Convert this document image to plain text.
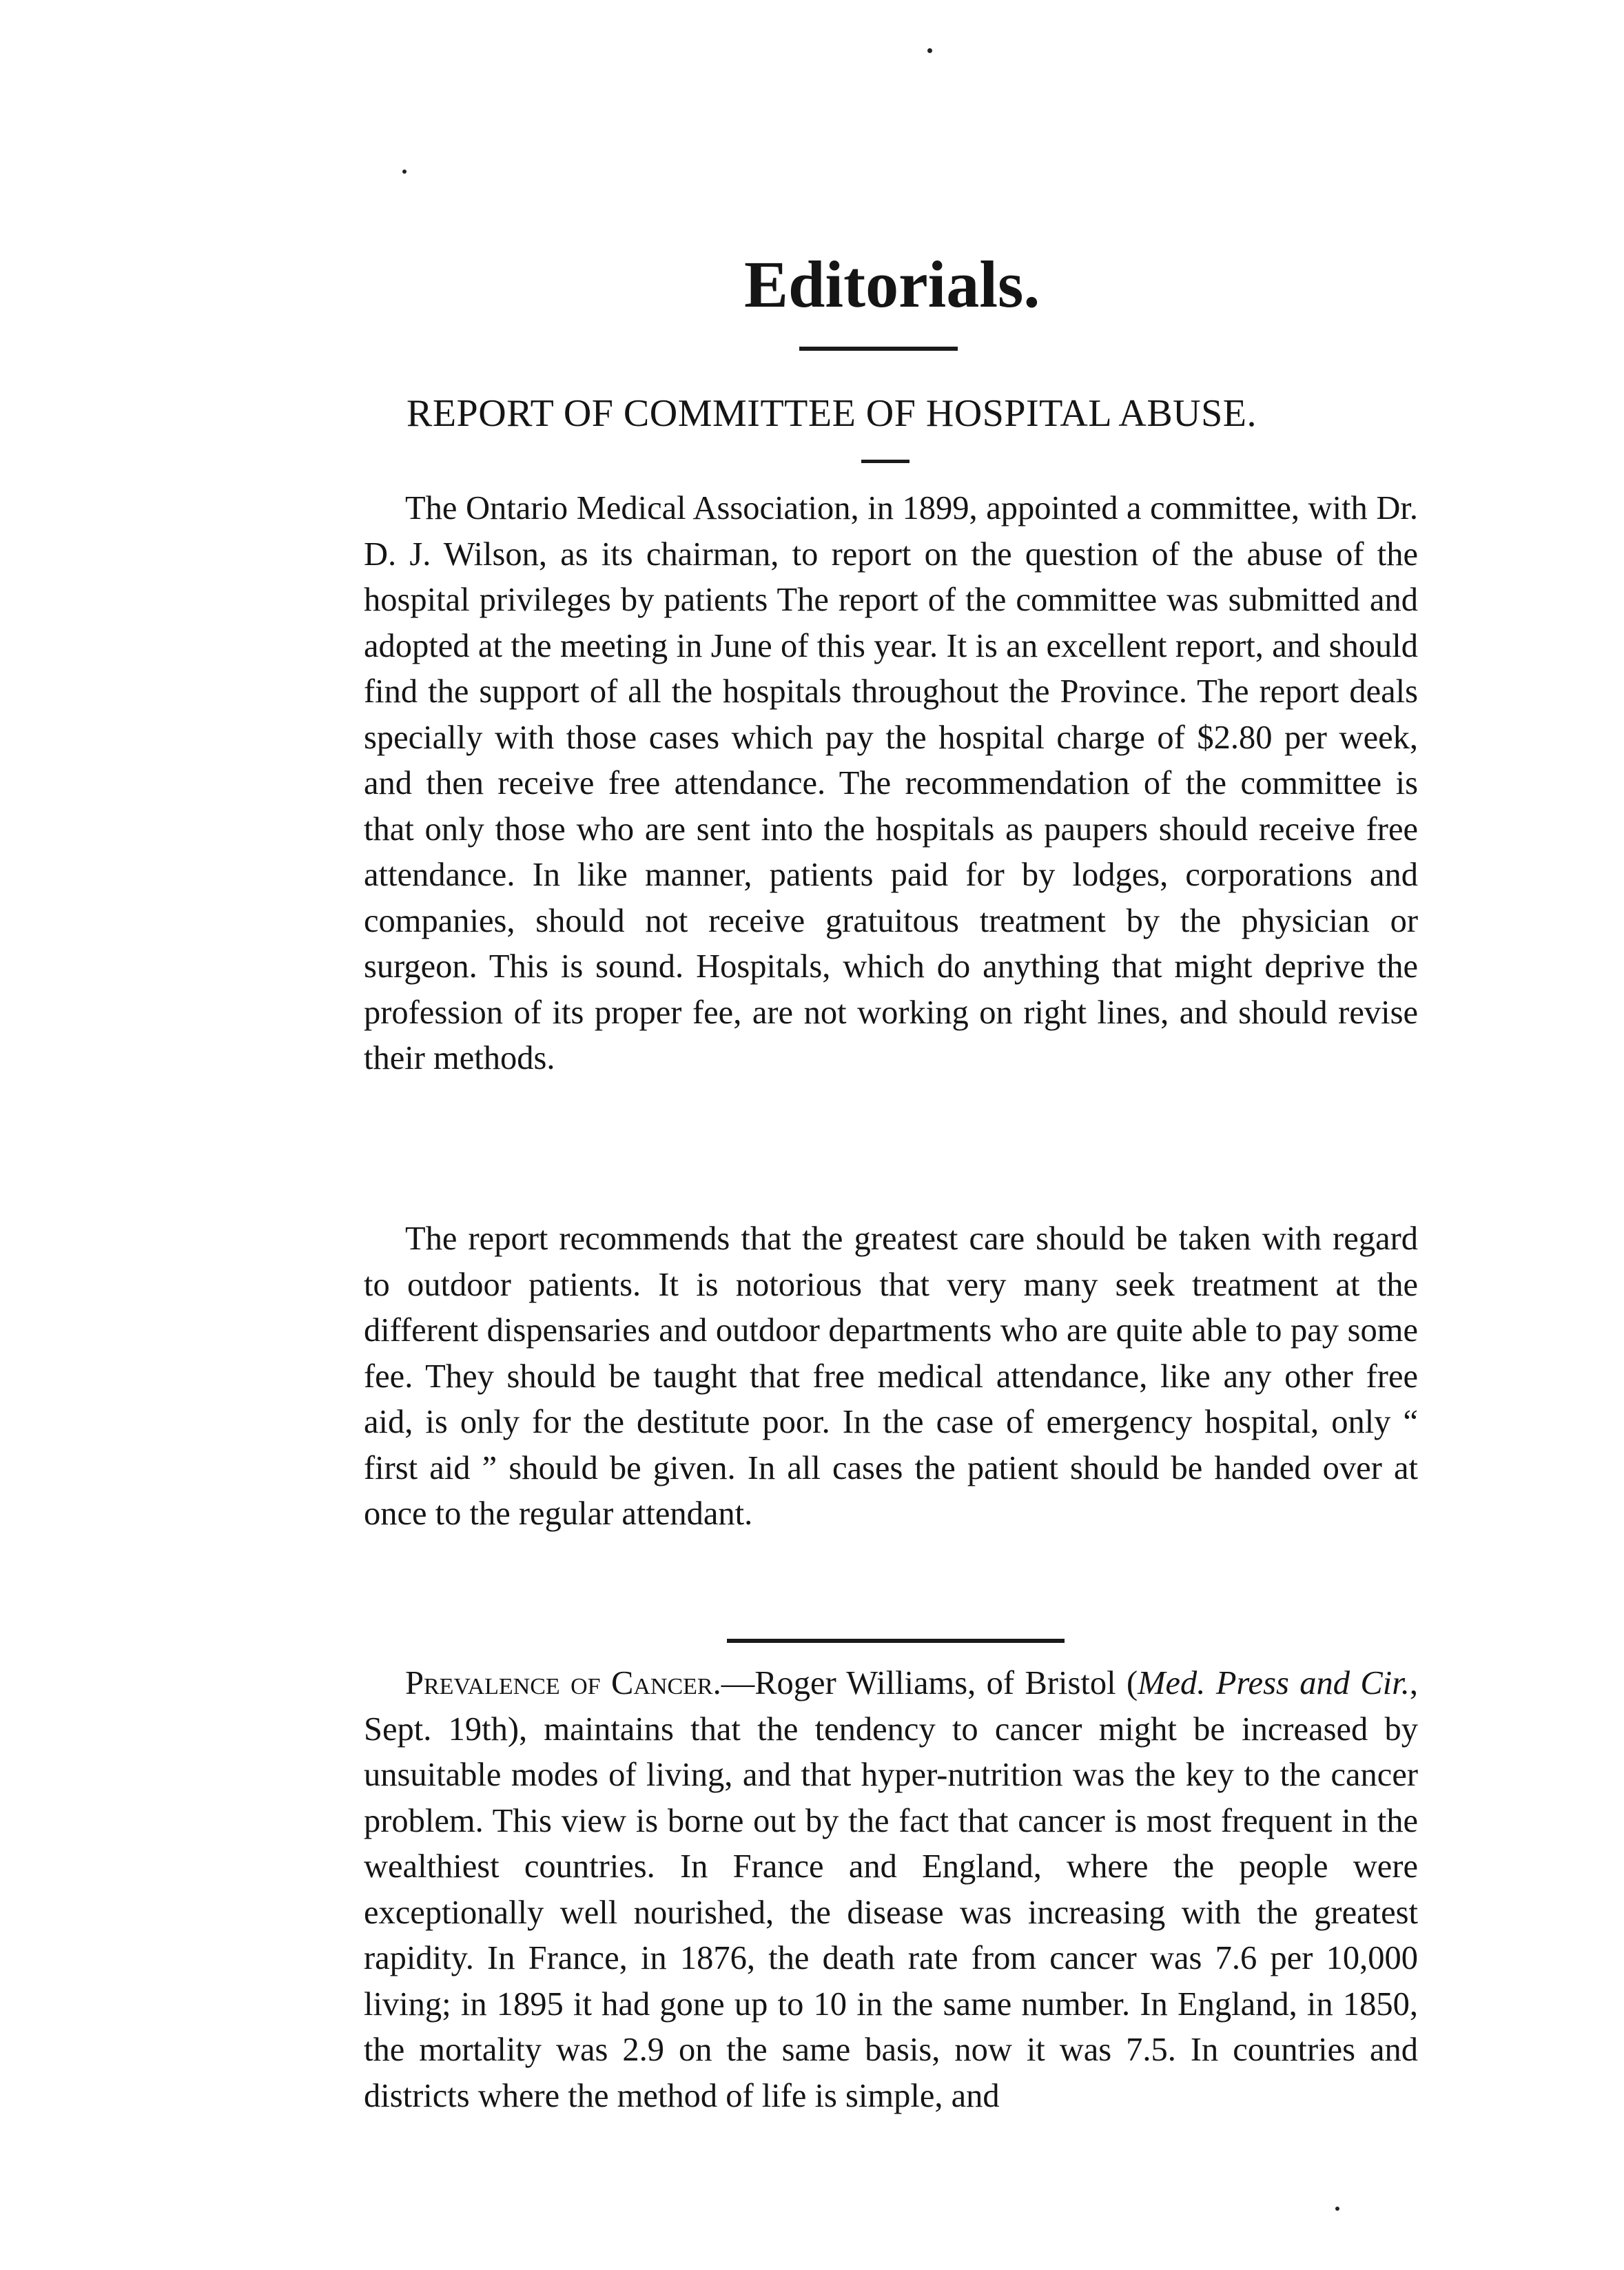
Editorials.
REPORT OF COMMITTEE OF HOSPITAL ABUSE.

The Ontario Medical Association, in 1899, appointed a committee, with Dr. D. J. Wilson, as its chairman, to report on the question of the abuse of the hospital privileges by patients The report of the committee was submitted and adopted at the meeting in June of this year. It is an excellent report, and should find the support of all the hospitals throughout the Province. The report deals specially with those cases which pay the hospital charge of $2.80 per week, and then receive free attendance. The recommendation of the committee is that only those who are sent into the hospitals as paupers should receive free attendance. In like manner, patients paid for by lodges, corporations and companies, should not receive gratuitous treatment by the physician or surgeon. This is sound. Hospitals, which do anything that might deprive the profession of its proper fee, are not working on right lines, and should revise their methods.

The report recommends that the greatest care should be taken with regard to outdoor patients. It is notorious that very many seek treatment at the different dispensaries and outdoor departments who are quite able to pay some fee. They should be taught that free medical attendance, like any other free aid, is only for the destitute poor. In the case of emergency hospital, only “ first aid ” should be given. In all cases the patient should be handed over at once to the regular attendant.

Prevalence of Cancer.—Roger Williams, of Bristol (Med. Press and Cir., Sept. 19th), maintains that the tendency to cancer might be increased by unsuitable modes of living, and that hyper-nutrition was the key to the cancer problem. This view is borne out by the fact that cancer is most frequent in the wealthiest countries. In France and England, where the people were exceptionally well nourished, the disease was increasing with the greatest rapidity. In France, in 1876, the death rate from cancer was 7.6 per 10,000 living; in 1895 it had gone up to 10 in the same number. In England, in 1850, the mortality was 2.9 on the same basis, now it was 7.5. In countries and districts where the method of life is simple, and
